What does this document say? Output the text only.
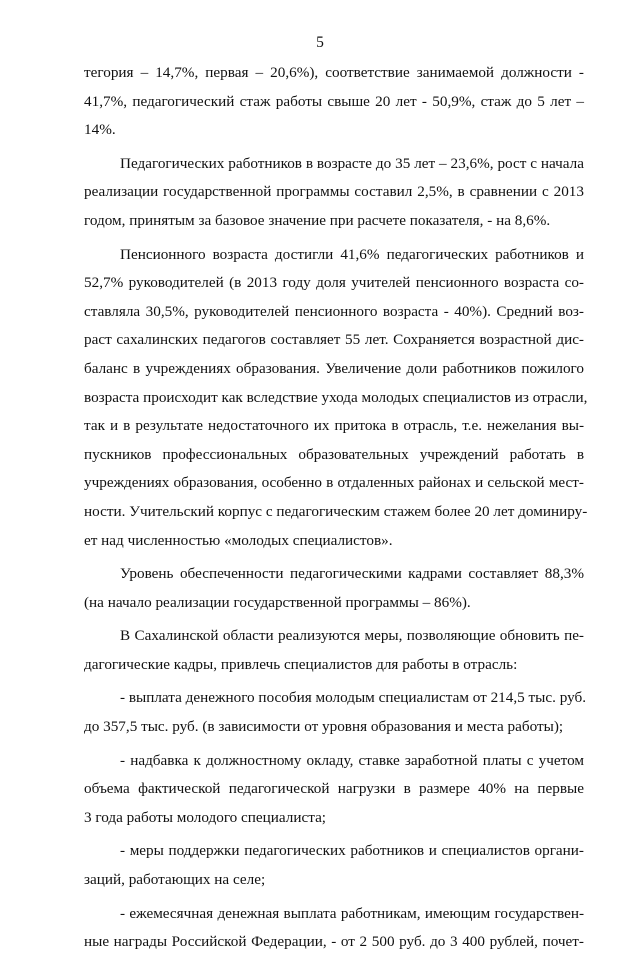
5
тегория – 14,7%, первая – 20,6%), соответствие занимаемой должности -
41,7%, педагогический стаж работы свыше 20 лет - 50,9%, стаж до 5 лет –
14%.
Педагогических работников в возрасте до 35 лет – 23,6%, рост с начала
реализации государственной программы составил 2,5%, в сравнении с 2013
годом, принятым за базовое значение при расчете показателя, - на 8,6%.
Пенсионного возраста достигли 41,6% педагогических работников и
52,7% руководителей (в 2013 году доля учителей пенсионного возраста со-
ставляла 30,5%, руководителей пенсионного возраста - 40%). Средний воз-
раст сахалинских педагогов составляет 55 лет. Сохраняется возрастной дис-
баланс в учреждениях образования. Увеличение доли работников пожилого
возраста происходит как вследствие ухода молодых специалистов из отрасли,
так и в результате недостаточного их притока в отрасль, т.е. нежелания вы-
пускников профессиональных образовательных учреждений работать в
учреждениях образования, особенно в отдаленных районах и сельской мест-
ности. Учительский корпус с педагогическим стажем более 20 лет доминиру-
ет над численностью «молодых специалистов».
Уровень обеспеченности педагогическими кадрами составляет 88,3%
(на начало реализации государственной программы – 86%).
В Сахалинской области реализуются меры, позволяющие обновить пе-
дагогические кадры, привлечь специалистов для работы в отрасль:
- выплата денежного пособия молодым специалистам от 214,5 тыс. руб.
до 357,5 тыс. руб. (в зависимости от уровня образования и места работы);
- надбавка к должностному окладу, ставке заработной платы с учетом
объема фактической педагогической нагрузки в размере 40% на первые
3 года работы молодого специалиста;
- меры поддержки педагогических работников и специалистов органи-
заций, работающих на селе;
- ежемесячная денежная выплата работникам, имеющим государствен-
ные награды Российской Федерации, - от 2 500 руб. до 3 400 рублей, почет-
